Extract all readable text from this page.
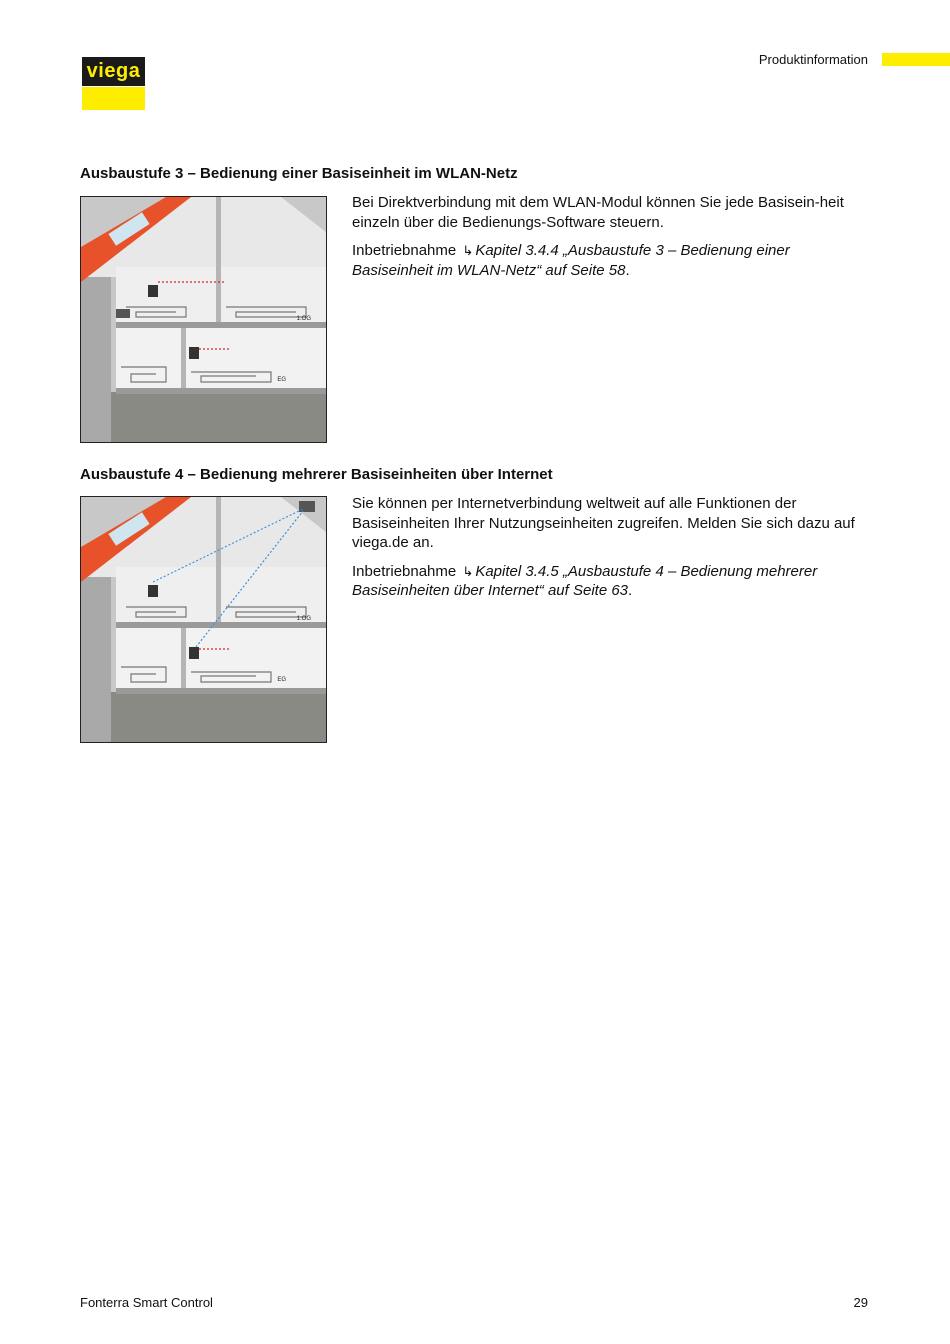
viega
Produktinformation
Ausbaustufe 3 – Bedienung einer Basiseinheit im WLAN-Netz
1.OG
EG

Bei Direktverbindung mit dem WLAN-Modul können Sie jede Basisein-heit einzeln über die Bedienungs-Software steuern.

Inbetriebnahme ↳ Kapitel 3.4.4 „Ausbaustufe 3 – Bedienung einer Basiseinheit im WLAN-Netz“ auf Seite 58.

Ausbaustufe 4 – Bedienung mehrerer Basiseinheiten über Internet
1.OG
EG

Sie können per Internetverbindung weltweit auf alle Funktionen der Basiseinheiten Ihrer Nutzungseinheiten zugreifen. Melden Sie sich dazu auf viega.de an.

Inbetriebnahme ↳ Kapitel 3.4.5 „Ausbaustufe 4 – Bedienung mehrerer Basiseinheiten über Internet“ auf Seite 63.

Fonterra Smart Control	29
